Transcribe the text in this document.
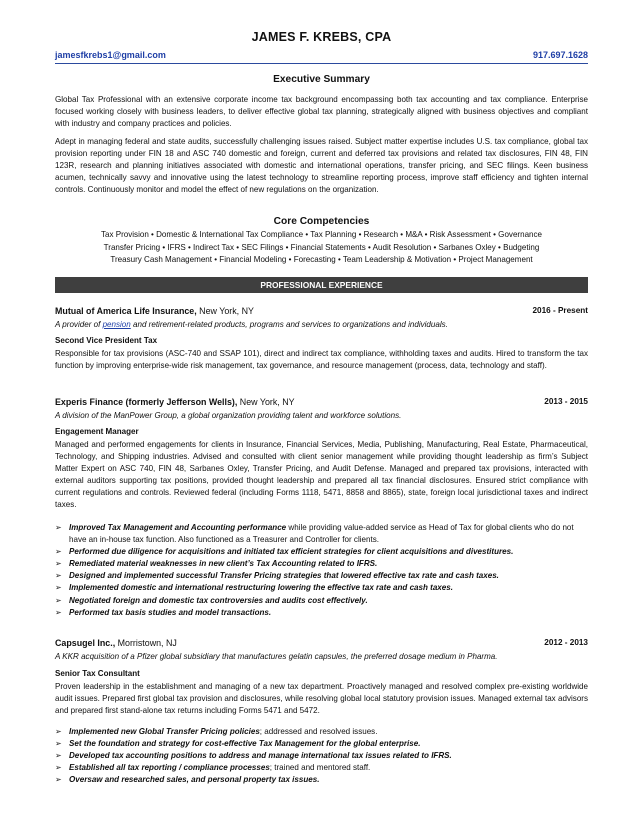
JAMES F. KREBS, CPA
jamesfkrebs1@gmail.com	917.697.1628
Executive Summary
Global Tax Professional with an extensive corporate income tax background encompassing both tax accounting and tax compliance. Enterprise focused working closely with business leaders, to deliver effective global tax planning, strategically aligned with business objectives and compliant with industry and company practices and policies.
Adept in managing federal and state audits, successfully challenging issues raised. Subject matter expertise includes U.S. tax compliance, global tax provision reporting under FIN 18 and ASC 740 domestic and foreign, current and deferred tax provisions and related tax disclosures, FIN 48, FIN 123R, research and planning initiatives associated with domestic and international operations, transfer pricing, and SEC filings. Keen business acumen, technically savvy and innovative using the latest technology to streamline reporting process, improve staff efficiency and tighten internal controls. Continuously monitor and model the effect of new regulations on the organization.
Core Competencies
Tax Provision • Domestic & International Tax Compliance • Tax Planning • Research • M&A • Risk Assessment • Governance
Transfer Pricing • IFRS • Indirect Tax • SEC Filings • Financial Statements • Audit Resolution • Sarbanes Oxley • Budgeting
Treasury Cash Management • Financial Modeling • Forecasting • Team Leadership & Motivation • Project Management
PROFESSIONAL EXPERIENCE
Mutual of America Life Insurance, New York, NY	2016 - Present
A provider of pension and retirement-related products, programs and services to organizations and individuals.
Second Vice President Tax
Responsible for tax provisions (ASC-740 and SSAP 101), direct and indirect tax compliance, withholding taxes and audits. Hired to transform the tax function by improving enterprise-wide risk management, tax governance, and resource management (process, data, technology and staff).
Experis Finance (formerly Jefferson Wells), New York, NY	2013 - 2015
A division of the ManPower Group, a global organization providing talent and workforce solutions.
Engagement Manager
Managed and performed engagements for clients in Insurance, Financial Services, Media, Publishing, Manufacturing, Real Estate, Pharmaceutical, Technology, and Shipping industries. Advised and consulted with client senior management while providing thought leadership as firm’s Subject Matter Expert on ASC 740, FIN 48, Sarbanes Oxley, Transfer Pricing, and Audit Defense. Managed and prepared tax provisions, interacted with external auditors supporting tax positions, provided thought leadership and prepared all tax financial disclosures. Ensured strict compliance with current regulations and controls. Reviewed federal (including Forms 1118, 5471, 8858 and 8865), state, foreign local jurisdictional taxes and indirect taxes.
➢ Improved Tax Management and Accounting performance while providing value-added service as Head of Tax for global clients who do not have an in-house tax function. Also functioned as a Treasurer and Controller for clients.
➢ Performed due diligence for acquisitions and initiated tax efficient strategies for client acquisitions and divestitures.
➢ Remediated material weaknesses in new client’s Tax Accounting related to IFRS.
➢ Designed and implemented successful Transfer Pricing strategies that lowered effective tax rate and cash taxes.
➢ Implemented domestic and international restructuring lowering the effective tax rate and cash taxes.
➢ Negotiated foreign and domestic tax controversies and audits cost effectively.
➢ Performed tax basis studies and model transactions.
Capsugel Inc., Morristown, NJ	2012 - 2013
A KKR acquisition of a Pfizer global subsidiary that manufactures gelatin capsules, the preferred dosage medium in Pharma.
Senior Tax Consultant
Proven leadership in the establishment and managing of a new tax department. Proactively managed and resolved complex pre-existing worldwide audit issues. Prepared first global tax provision and disclosures, while resolving global local statutory provision issues. Managed external tax advisors and prepared first stand-alone tax returns including Forms 5471 and 5472.
➢ Implemented new Global Transfer Pricing policies; addressed and resolved issues.
➢ Set the foundation and strategy for cost-effective Tax Management for the global enterprise.
➢ Developed tax accounting positions to address and manage international tax issues related to IFRS.
➢ Established all tax reporting / compliance processes; trained and mentored staff.
➢ Oversaw and researched sales, and personal property tax issues.
